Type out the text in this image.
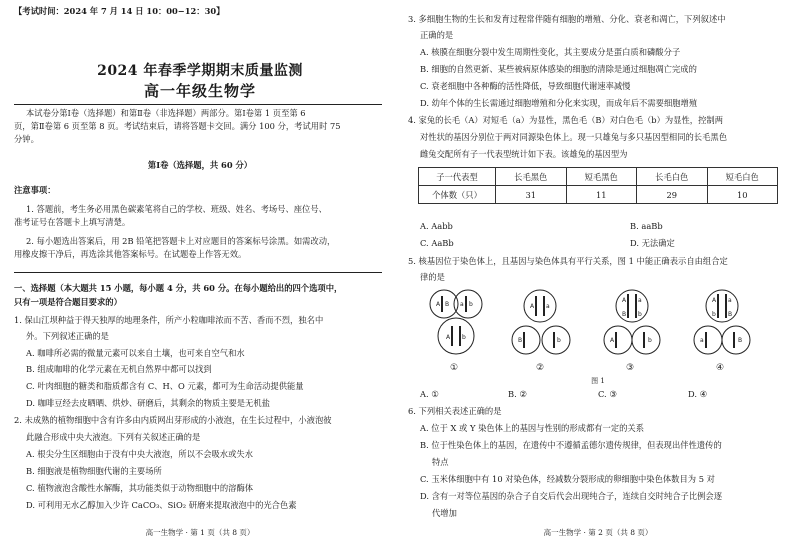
【考试时间：2024 年 7 月 14 日 10：00−12：30】
2024 年春季学期期末质量监测
高一年级生物学
本试卷分第Ⅰ卷（选择题）和第Ⅱ卷（非选择题）两部分。第Ⅰ卷第 1 页至第 6
页，第Ⅱ卷第 6 页至第 8 页。考试结束后，请将答题卡交回。满分 100 分，考试用时 75
分钟。
第Ⅰ卷（选择题，共 60 分）
注意事项：
1. 答题前，考生务必用黑色碳素笔将自己的学校、班级、姓名、考场号、座位号、
准考证号在答题卡上填写清楚。
2. 每小题选出答案后，用 2B 铅笔把答题卡上对应题目的答案标号涂黑。如需改动，
用橡皮擦干净后，再选涂其他答案标号。在试题卷上作答无效。
一、选择题（本大题共 15 小题，每小题 4 分，共 60 分。在每小题给出的四个选项中，
只有一项是符合题目要求的）
1. 保山江坝种益于得天独厚的地理条件，所产小粒咖啡浓而不苦、香而不烈，独名中
外。下列叙述正确的是
A. 咖啡所必需的微量元素可以来自土壤，也可来自空气和水
B. 组成咖啡的化学元素在无机自然界中都可以找到
C. 叶肉细胞的糖类和脂质都含有 C、H、O 元素，都可为生命活动提供能量
D. 咖啡豆经去皮晒晒、烘炒、研磨后，其剩余的物质主要是无机盐
2. 未成熟的植物细胞中含有许多由内质网出芽形成的小液泡，在生长过程中，小液泡彼
此融合形成中央大液泡。下列有关叙述正确的是
A. 根尖分生区细胞由于没有中央大液泡，所以不会吸水或失水
B. 细胞液是植物细胞代谢的主要场所
C. 植物液泡含酸性水解酶，其功能类似于动物细胞中的溶酶体
D. 可利用无水乙醇加入少许 CaCO₃、SiO₂ 研磨来提取液泡中的光合色素
高一生物学 · 第 1 页（共 8 页）
3. 多细胞生物的生长和发育过程常伴随有细胞的增殖、分化、衰老和凋亡，下列叙述中
正确的是
A. 核膜在细胞分裂中发生周期性变化，其主要成分是蛋白质和磷酸分子
B. 细胞的自然更新、某些被病原体感染的细胞的清除是通过细胞凋亡完成的
C. 衰老细胞中各种酶的活性降低，导致细胞代谢速率减慢
D. 幼年个体的生长需通过细胞增殖和分化来实现，而成年后不需要细胞增殖
4. 家兔的长毛（A）对短毛（a）为显性，黑色毛（B）对白色毛（b）为显性，控制两
对性状的基因分别位于两对同源染色体上。现一只雄兔与多只基因型相同的长毛黑色
雌兔交配所有子一代表型统计如下表。该雄兔的基因型为
子一代表型	长毛黑色	短毛黑色	长毛白色	短毛白色
个体数（只）	31	11	29	10
A. Aabb	B. aaBb
C. AaBb	D. 无法确定
5. 核基因位于染色体上，且基因与染色体具有平行关系，图 1 中能正确表示自由组合定
律的是
A B a b
A b
A a
B	b
A a
B b
A	b
A a
b B
a	B
①	②	③	④
图 1
A. ①	B. ②	C. ③	D. ④
6. 下列相关表述正确的是
A. 位于 X 或 Y 染色体上的基因与性别的形成都有一定的关系
B. 位于性染色体上的基因，在遗传中不遵循孟德尔遗传规律，但表现出伴性遗传的
特点
C. 玉米体细胞中有 10 对染色体，经减数分裂形成的卵细胞中染色体数目为 5 对
D. 含有一对等位基因的杂合子自交后代会出现纯合子，连续自交时纯合子比例会逐
代增加
高一生物学 · 第 2 页（共 8 页）
